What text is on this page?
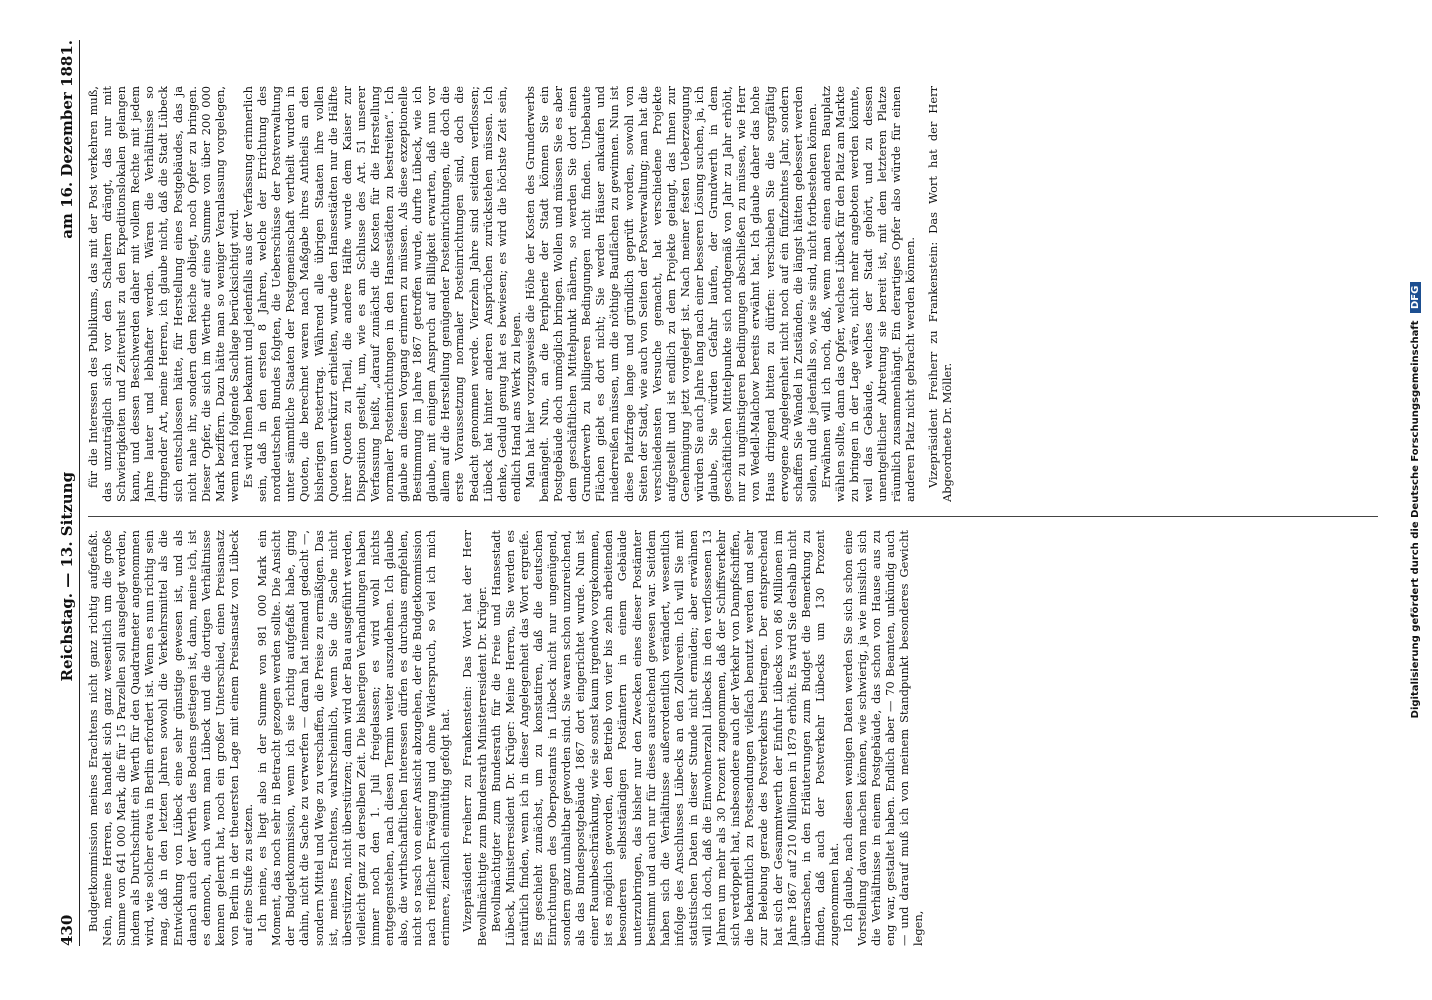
430
Reichstag. — 13. Sitzung
am 16. Dezember 1881.

Budgetkommission meines Erachtens nicht ganz richtig aufgefaßt. Nein, meine Herren, es handelt sich ganz wesentlich um die große Summe von 641 000 Mark, die für 15 Parzellen soll ausgelegt werden, indem als Durchschnitt ein Werth für den Quadratmeter angenommen wird, wie solcher etwa in Berlin erfordert ist. Wenn es nun richtig sein mag, daß in den letzten Jahren sowohl die Verkehrsmittel als die Entwicklung von Lübeck eine sehr günstige gewesen ist, und als danach auch der Werth des Bodens gestiegen ist, dann, meine ich, ist es dennoch, auch wenn man Lübeck und die dortigen Verhältnisse kennen gelernt hat, noch ein großer Unterschied, einen Preisansatz von Berlin in der theuersten Lage mit einem Preisansatz von Lübeck auf eine Stufe zu setzen. Ich meine, es liegt also in der Summe von 981 000 Mark ein Moment, das noch sehr in Betracht gezogen werden sollte. Die Ansicht der Budgetkommission, wenn ich sie richtig aufgefaßt habe, ging dahin, nicht die Sache zu verwerfen — daran hat niemand gedacht —, sondern Mittel und Wege zu verschaffen, die Preise zu ermäßigen. Das ist, meines Erachtens, wahrscheinlich, wenn Sie die Sache nicht überstürzen, nicht überstürzen; dann wird der Bau ausgeführt werden, vielleicht ganz zu derselben Zeit. Die bisherigen Verhandlungen haben immer noch den 1. Juli freigelassen; es wird wohl nichts entgegenstehen, nach diesen Termin weiter auszudehnen. Ich glaube also, die wirthschaftlichen Interessen dürfen es durchaus empfehlen, nicht so rasch von einer Ansicht abzugehen, der die Budgetkommission nach reiflicher Erwägung und ohne Widerspruch, so viel ich mich erinnere, ziemlich einmüthig gefolgt hat. Vizepräsident Freiherr zu Frankenstein: Das Wort hat der Herr Bevollmächtigte zum Bundesrath Ministerresident Dr. Krüger. Bevollmächtigter zum Bundesrath für die Freie und Hansestadt Lübeck, Ministerresident Dr. Krüger: Meine Herren, Sie werden es natürlich finden, wenn ich in dieser Angelegenheit das Wort ergreife. Es geschieht zunächst, um zu konstatiren, daß die deutschen Einrichtungen des Oberpostamts in Lübeck nicht nur ungenügend, sondern ganz unhaltbar geworden sind. Sie waren schon unzureichend, als das Bundespostgebäude 1867 dort eingerichtet wurde. Nun ist einer Raumbeschränkung, wie sie sonst kaum irgendwo vorgekommen, ist es möglich geworden, den Betrieb von vier bis zehn arbeitenden besonderen selbstständigen Postämtern in einem Gebäude unterzubringen, das bisher nur den Zwecken eines dieser Postämter bestimmt und auch nur für dieses ausreichend gewesen war. Seitdem haben sich die Verhältnisse außerordentlich verändert, wesentlich infolge des Anschlusses Lübecks an den Zollverein. Ich will Sie mit statistischen Daten in dieser Stunde nicht ermüden; aber erwähnen will ich doch, daß die Einwohnerzahl Lübecks in den verflossenen 13 Jahren um mehr als 30 Prozent zugenommen, daß der Schiffsverkehr sich verdoppelt hat, insbesondere auch der Verkehr von Dampfschiffen, die bekanntlich zu Postsendungen vielfach benutzt werden und sehr zur Belebung gerade des Postverkehrs beitragen. Der entsprechend hat sich der Gesammtwerth der Einfuhr Lübecks von 86 Millionen im Jahre 1867 auf 210 Millionen in 1879 erhöht. Es wird Sie deshalb nicht überraschen, in den Erläuterungen zum Budget die Bemerkung zu finden, daß auch der Postverkehr Lübecks um 130 Prozent zugenommen hat. Ich glaube, nach diesen wenigen Daten werden Sie sich schon eine Vorstellung davon machen können, wie schwierig, ja wie misslich sich die Verhältnisse in einem Postgebäude, das schon von Hause aus zu eng war, gestaltet haben. Endlich aber — 70 Beamten, unkündig auch — und darauf muß ich von meinem Standpunkt besonderes Gewicht legen,

für die Interessen des Publikums, das mit der Post verkehren muß, das unzuträglich sich vor den Schaltern drängt, das nur mit Schwierigkeiten und Zeitverlust zu den Expeditionslokalen gelangen kann, und dessen Beschwerden daher mit vollem Rechte mit jedem Jahre lauter und lebhafter werden. Wären die Verhältnisse so dringender Art, meine Herren, ich glaube nicht, daß die Stadt Lübeck sich entschlossen hätte, für Herstellung eines Postgebäudes, das ja nicht nahe ihr, sondern dem Reiche obliegt, noch Opfer zu bringen. Dieser Opfer, die sich im Werthe auf eine Summe von über 200 000 Mark beziffern. Dazu hätte man so weniger Veranlassung vorgelegen, wenn nach folgende Sachlage berücksichtigt wird. Es wird Ihnen bekannt und jedenfalls aus der Verfassung erinnerlich sein, daß in den ersten 8 Jahren, welche der Errichtung des norddeutschen Bundes folgten, die Ueberschüsse der Postverwaltung unter sämmtliche Staaten der Postgemeinschaft vertheilt wurden in Quoten, die berechnet waren nach Maßgabe ihres Antheils an den bisherigen Postertrag. Während alle übrigen Staaten ihre vollen Quoten unverkürzt erhielten, wurde den Hansestädten nur die Hälfte ihrer Quoten zu Theil, die andere Hälfte wurde dem Kaiser zur Disposition gestellt, um, wie es am Schlusse des Art. 51 unserer Verfassung heißt, „darauf zunächst die Kosten für die Herstellung normaler Posteinrichtungen in den Hansestädten zu bestreiten“. Ich glaube an diesen Vorgang erinnern zu müssen. Als diese exzeptionelle Bestimmung im Jahre 1867 getroffen wurde, durfte Lübeck, wie ich glaube, mit einigem Anspruch auf Billigkeit erwarten, daß nun vor allem auf die Herstellung genügender Posteinrichtungen, die doch die erste Voraussetzung normaler Posteinrichtungen sind, doch die Bedacht genommen werde. Vierzehn Jahre sind seitdem verflossen; Lübeck hat hinter anderen Ansprüchen zurückstehen müssen. Ich denke, Geduld genug hat es bewiesen; es wird die höchste Zeit sein, endlich Hand ans Werk zu legen. Man hat hier vorzugsweise die Höhe der Kosten des Grunderwerbs bemängelt. Nun, an die Peripherie der Stadt können Sie ein Postgebäude doch unmöglich bringen. Wollen und müssen Sie es aber dem geschäftlichen Mittelpunkt nähern, so werden Sie dort einen Grunderwerb zu billigeren Bedingungen nicht finden. Unbebaute Flächen giebt es dort nicht; Sie werden Häuser ankaufen und niederreißen müssen, um die nöthige Bauflächen zu gewinnen. Nun ist diese Platzfrage lange und gründlich geprüft worden, sowohl von Seiten der Stadt, wie auch von Seiten der Postverwaltung; man hat die verschiedensten Versuche gemacht, hat verschiedene Projekte aufgestellt und ist endlich zu dem Projekte gelangt, das Ihnen zur Genehmigung jetzt vorgelegt ist. Nach meiner festen Ueberzeugung würden Sie auch Jahre lang nach einer besseren Lösung suchen, ja, ich glaube, Sie würden Gefahr laufen, der Grundwerth in dem geschäftlichen Mittelpunkte sich nothgemäß von Jahr zu Jahr erhöht, nur zu ungünstigeren Bedingungen abschließen zu müssen, wie Herr von Wedell-Malchow bereits erwähnt hat. Ich glaube daher das hohe Haus dringend bitten zu dürfen: verschieben Sie die sorgfältig erwogene Angelegenheit nicht noch auf ein fünfzehntes Jahr, sondern schaffen Sie Wandel in Zuständen, die längst hätten gebessert werden sollen, und die jedenfalls so, wie sie sind, nicht fortbestehen können. Erwähnen will ich noch, daß, wenn man einen anderen Bauplatz wählen sollte, dann das Opfer, welches Lübeck für den Platz am Markte zu bringen in der Lage wäre, nicht mehr angeboten werden könnte, weil das Gebäude, welches der Stadt gehört, und zu dessen unentgeltlicher Abtretung sie bereit ist, mit dem letzteren Platze räumlich zusammenhängt. Ein derartiges Opfer also würde für einen anderen Platz nicht gebracht werden können. Vizepräsident Freiherr zu Frankenstein: Das Wort hat der Herr Abgeordnete Dr. Möller.	Digitalisierung gefördert durch die Deutsche Forschungsgemeinschaft DFG
